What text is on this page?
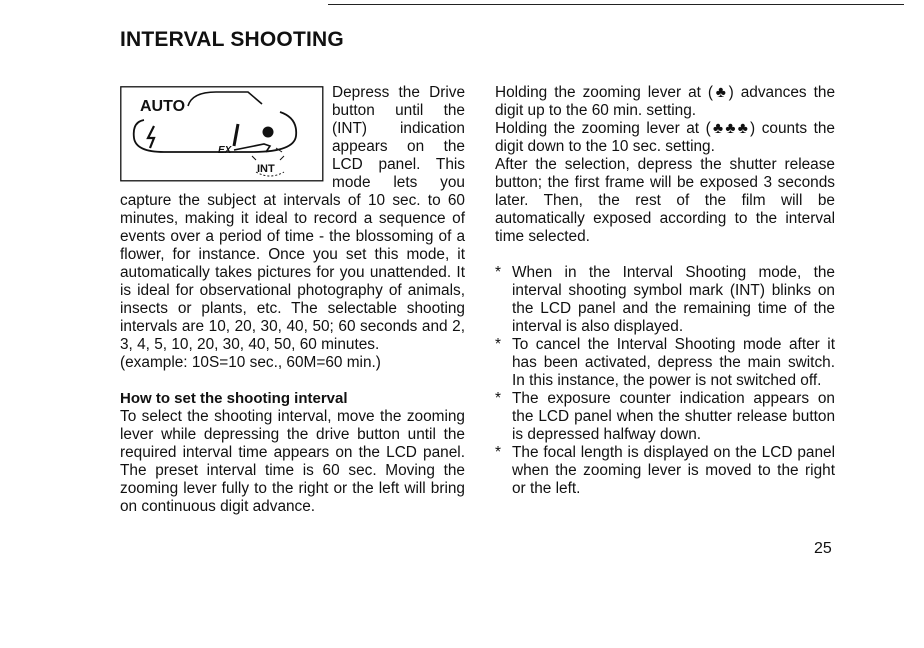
INTERVAL SHOOTING
AUTO
EX
INT

Depress the Drive button until the (INT) indication appears on the LCD panel. This mode lets you capture the subject at intervals of 10 sec. to 60 minutes, making it ideal to record a sequence of events over a period of time - the blossoming of a flower, for instance. Once you set this mode, it automatically takes pictures for you unattended. It is ideal for observational photography of animals, insects or plants, etc. The selectable shooting intervals are 10, 20, 30, 40, 50; 60 seconds and 2, 3, 4, 5, 10, 20, 30, 40, 50, 60 minutes.

(example: 10S=10 sec., 60M=60 min.)

How to set the shooting interval

To select the shooting interval, move the zooming lever while depressing the drive button until the required interval time appears on the LCD panel. The preset interval time is 60 sec. Moving the zooming lever fully to the right or the left will bring on continuous digit advance.

Holding the zooming lever at (♣) advances the digit up to the 60 min. setting.

Holding the zooming lever at (♣♣♣) counts the digit down to the 10 sec. setting.

After the selection, depress the shutter release button; the first frame will be exposed 3 seconds later. Then, the rest of the film will be automatically exposed according to the interval time selected.

* When in the Interval Shooting mode, the interval shooting symbol mark (INT) blinks on the LCD panel and the remaining time of the interval is also displayed.

* To cancel the Interval Shooting mode after it has been activated, depress the main switch. In this instance, the power is not switched off.

* The exposure counter indication appears on the LCD panel when the shutter release button is depressed halfway down.

* The focal length is displayed on the LCD panel when the zooming lever is moved to the right or the left.

25
